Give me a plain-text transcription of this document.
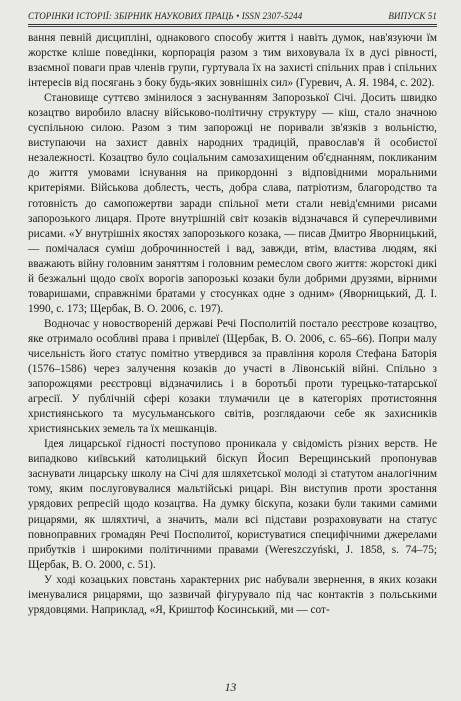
СТОРІНКИ ІСТОРІЇ: ЗБІРНИК НАУКОВИХ ПРАЦЬ • ISSN 2307-5244	ВИПУСК 51

вання певній дисципліні, однакового способу життя і навіть думок, нав'язуючи їм жорстке кліше поведінки, корпорація разом з тим виховувала їх в дусі рівності, взаємної поваги прав членів групи, гуртувала їх на захисті спільних прав і спільних інтересів від посягань з боку будь-яких зовнішніх сил» (Гуревич, А. Я. 1984, с. 202).

Становище суттєво змінилося з заснуванням Запорозької Січі. Досить швидко козацтво виробило власну військово-політичну структуру — кіш, стало значною суспільною силою. Разом з тим запорожці не поривали зв'язків з вольністю, виступаючи на захист давніх народних традицій, православ'я й особистої незалежності. Козацтво було соціальним самозахищеним об'єднанням, покликаним до життя умовами існування на прикордонні з відповідними моральними критеріями. Військова доблесть, честь, добра слава, патріотизм, благородство та готовність до самопожертви заради спільної мети стали невід'ємними рисами запорозького лицаря. Проте внутрішній світ козаків відзначався й суперечливими рисами. «У внутрішніх якостях запорозького козака, — писав Дмитро Яворницький, — помічалася суміш доброчинностей і вад, завжди, втім, властива людям, які вважають війну головним заняттям і головним ремеслом свого життя: жорстокі дикі й безжальні щодо своїх ворогів запорозькі козаки були добрими друзями, вірними товаришами, справжніми братами у стосунках одне з одним» (Яворницький, Д. І. 1990, с. 173; Щербак, В. О. 2006, с. 197).

Водночас у новоствореній державі Речі Посполитій постало реєстрове козацтво, яке отримало особливі права і привілеї (Щербак, В. О. 2006, с. 65–66). Попри малу чисельність його статус помітно утвердився за правління короля Стефана Баторія (1576–1586) через залучення козаків до участі в Лівонській війні. Спільно з запорожцями реєстровці відзначились і в боротьбі проти турецько-татарської агресії. У публічній сфері козаки тлумачили це в категоріях протистояння християнського та мусульманського світів, розглядаючи себе як захисників християнських земель та їх мешканців.

Ідея лицарської гідності поступово проникала у свідомість різних верств. Не випадково київський католицький біскуп Йосип Верещинський пропонував заснувати лицарську школу на Січі для шляхетської молоді зі статутом аналогічним тому, яким послуговувалися мальтійські рицарі. Він виступив проти зростання урядових репресій щодо козацтва. На думку біскупа, козаки були такими самими рицарями, як шляхтичі, а значить, мали всі підстави розраховувати на статус повноправних громадян Речі Посполитої, користуватися специфічними джерелами прибутків і широкими політичними правами (Wereszczyński, J. 1858, s. 74–75; Щербак, В. О. 2000, с. 51).

У ході козацьких повстань характерних рис набували звернення, в яких козаки іменувалися рицарями, що зазвичай фігурувало під час контактів з польськими урядовцями. Наприклад, «Я, Криштоф Косинський, ми — сот-

13
